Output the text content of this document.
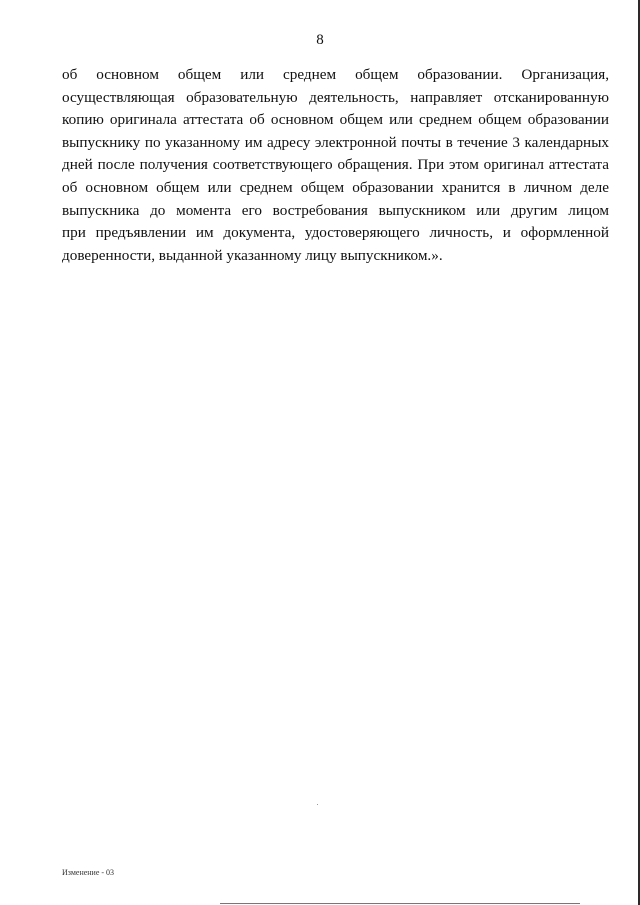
8
об основном общем или среднем общем образовании. Организация,
осуществляющая образовательную деятельность, направляет отсканированную
копию оригинала аттестата об основном общем или среднем общем образовании
выпускнику по указанному им адресу электронной почты в течение 3 календарных
дней после получения соответствующего обращения. При этом оригинал аттестата
об основном общем или среднем общем образовании хранится в личном деле
выпускника до момента его востребования выпускником или другим лицом
при предъявлении им документа, удостоверяющего личность, и оформленной
доверенности, выданной указанному лицу выпускником.».
Изменение - 03
